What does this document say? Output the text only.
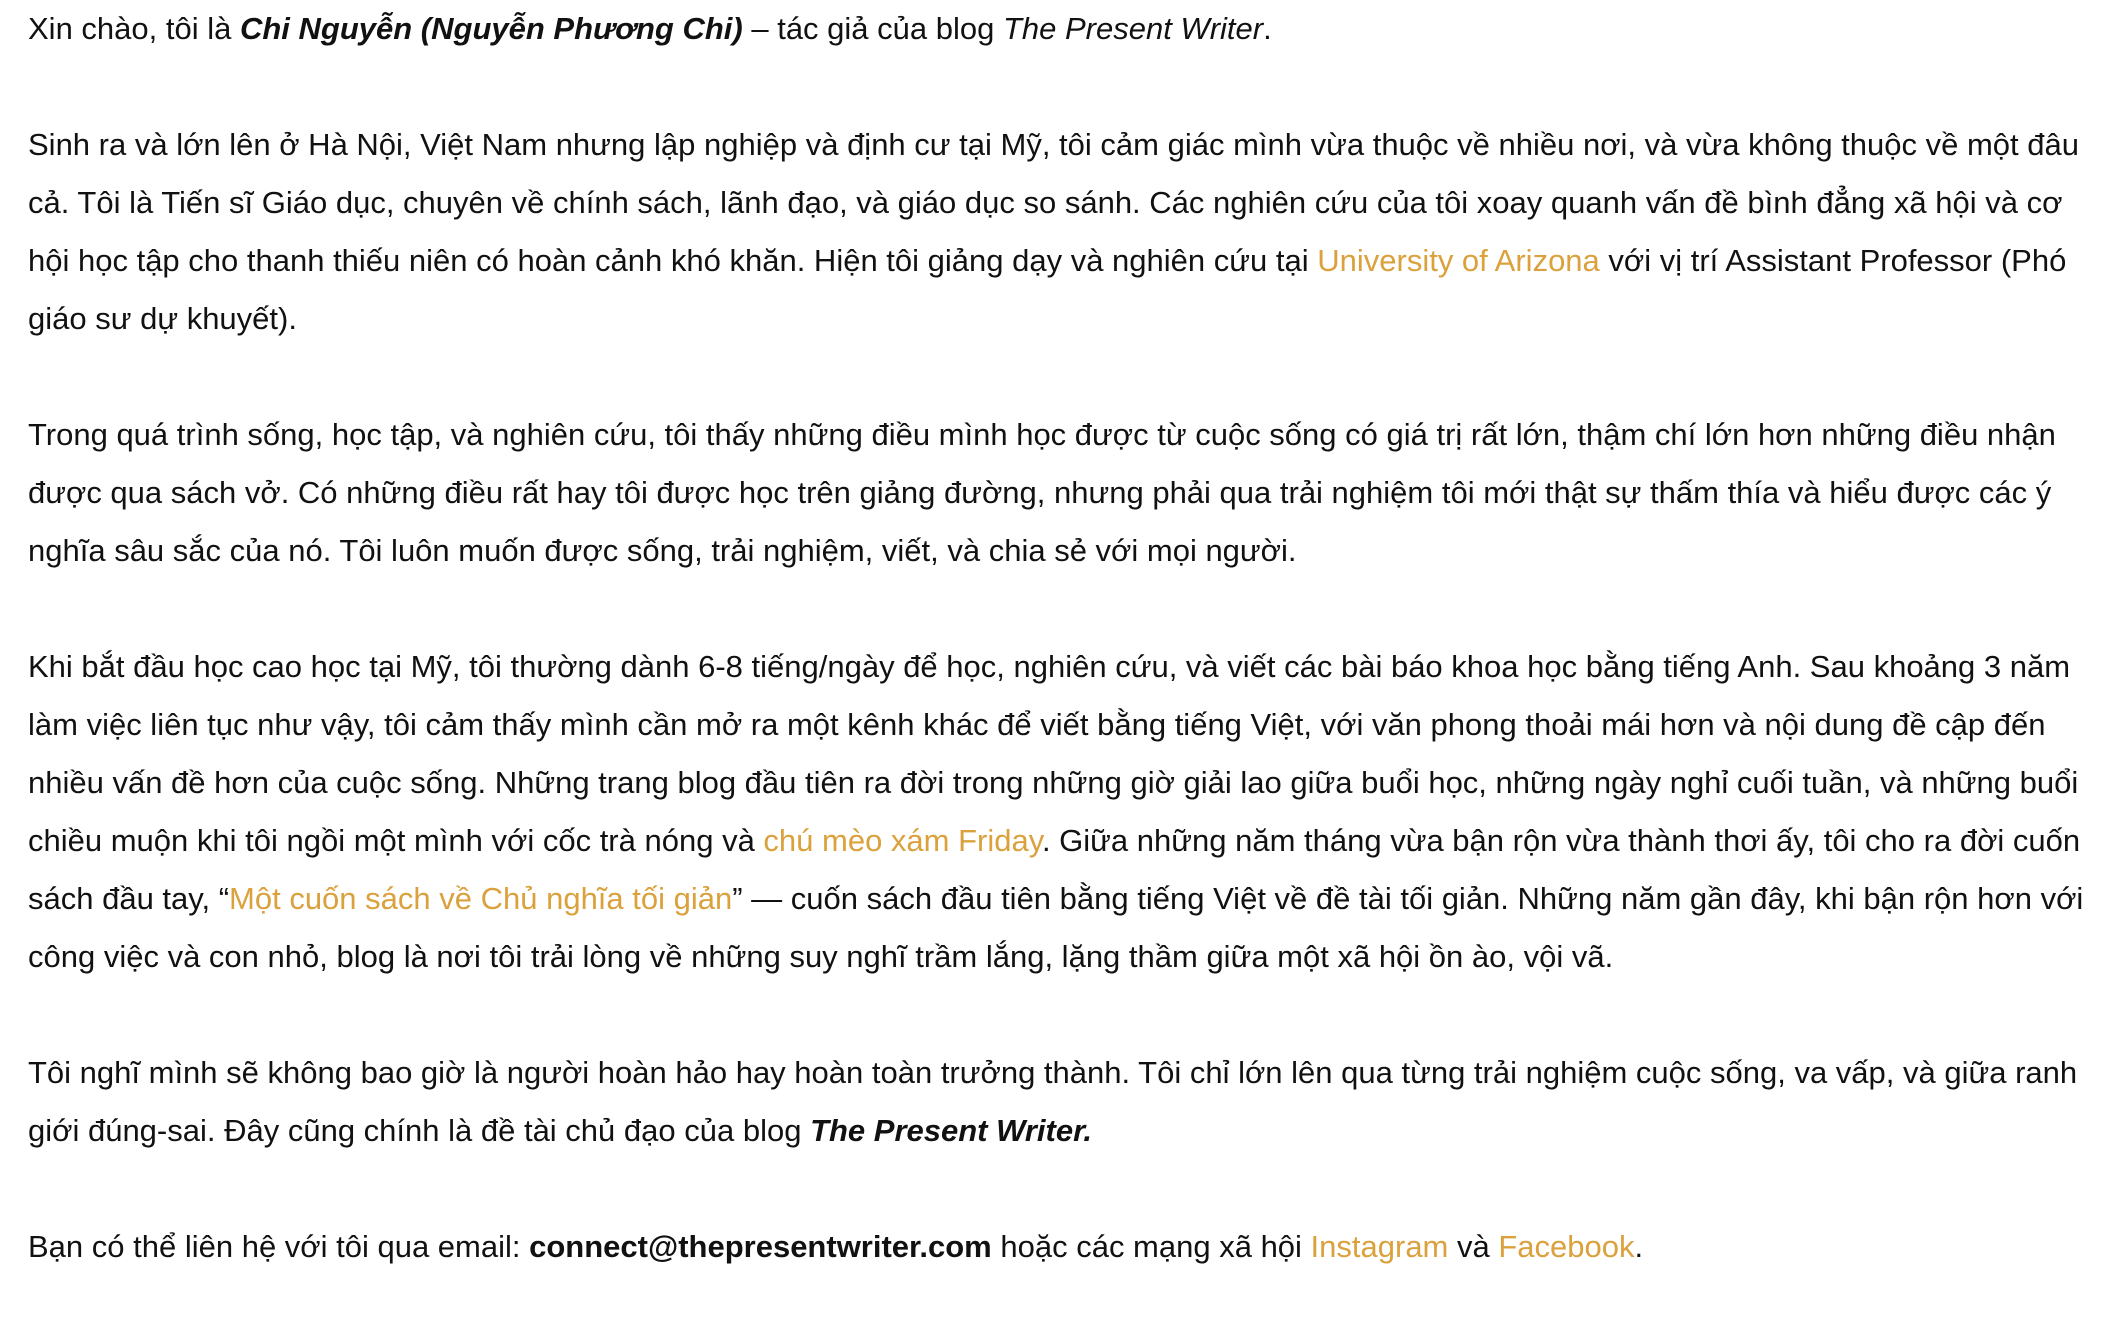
Xin chào, tôi là Chi Nguyễn (Nguyễn Phương Chi) – tác giả của blog The Present Writer.

Sinh ra và lớn lên ở Hà Nội, Việt Nam nhưng lập nghiệp và định cư tại Mỹ, tôi cảm giác mình vừa thuộc về nhiều nơi, và vừa không thuộc về một đâu cả. Tôi là Tiến sĩ Giáo dục, chuyên về chính sách, lãnh đạo, và giáo dục so sánh. Các nghiên cứu của tôi xoay quanh vấn đề bình đẳng xã hội và cơ hội học tập cho thanh thiếu niên có hoàn cảnh khó khăn. Hiện tôi giảng dạy và nghiên cứu tại University of Arizona với vị trí Assistant Professor (Phó giáo sư dự khuyết).

Trong quá trình sống, học tập, và nghiên cứu, tôi thấy những điều mình học được từ cuộc sống có giá trị rất lớn, thậm chí lớn hơn những điều nhận được qua sách vở. Có những điều rất hay tôi được học trên giảng đường, nhưng phải qua trải nghiệm tôi mới thật sự thấm thía và hiểu được các ý nghĩa sâu sắc của nó. Tôi luôn muốn được sống, trải nghiệm, viết, và chia sẻ với mọi người.

Khi bắt đầu học cao học tại Mỹ, tôi thường dành 6-8 tiếng/ngày để học, nghiên cứu, và viết các bài báo khoa học bằng tiếng Anh. Sau khoảng 3 năm làm việc liên tục như vậy, tôi cảm thấy mình cần mở ra một kênh khác để viết bằng tiếng Việt, với văn phong thoải mái hơn và nội dung đề cập đến nhiều vấn đề hơn của cuộc sống. Những trang blog đầu tiên ra đời trong những giờ giải lao giữa buổi học, những ngày nghỉ cuối tuần, và những buổi chiều muộn khi tôi ngồi một mình với cốc trà nóng và chú mèo xám Friday. Giữa những năm tháng vừa bận rộn vừa thành thơi ấy, tôi cho ra đời cuốn sách đầu tay, “Một cuốn sách về Chủ nghĩa tối giản” — cuốn sách đầu tiên bằng tiếng Việt về đề tài tối giản. Những năm gần đây, khi bận rộn hơn với công việc và con nhỏ, blog là nơi tôi trải lòng về những suy nghĩ trầm lắng, lặng thầm giữa một xã hội ồn ào, vội vã.

Tôi nghĩ mình sẽ không bao giờ là người hoàn hảo hay hoàn toàn trưởng thành. Tôi chỉ lớn lên qua từng trải nghiệm cuộc sống, va vấp, và giữa ranh giới đúng-sai. Đây cũng chính là đề tài chủ đạo của blog The Present Writer.

Bạn có thể liên hệ với tôi qua email: connect@thepresentwriter.com hoặc các mạng xã hội Instagram và Facebook.
